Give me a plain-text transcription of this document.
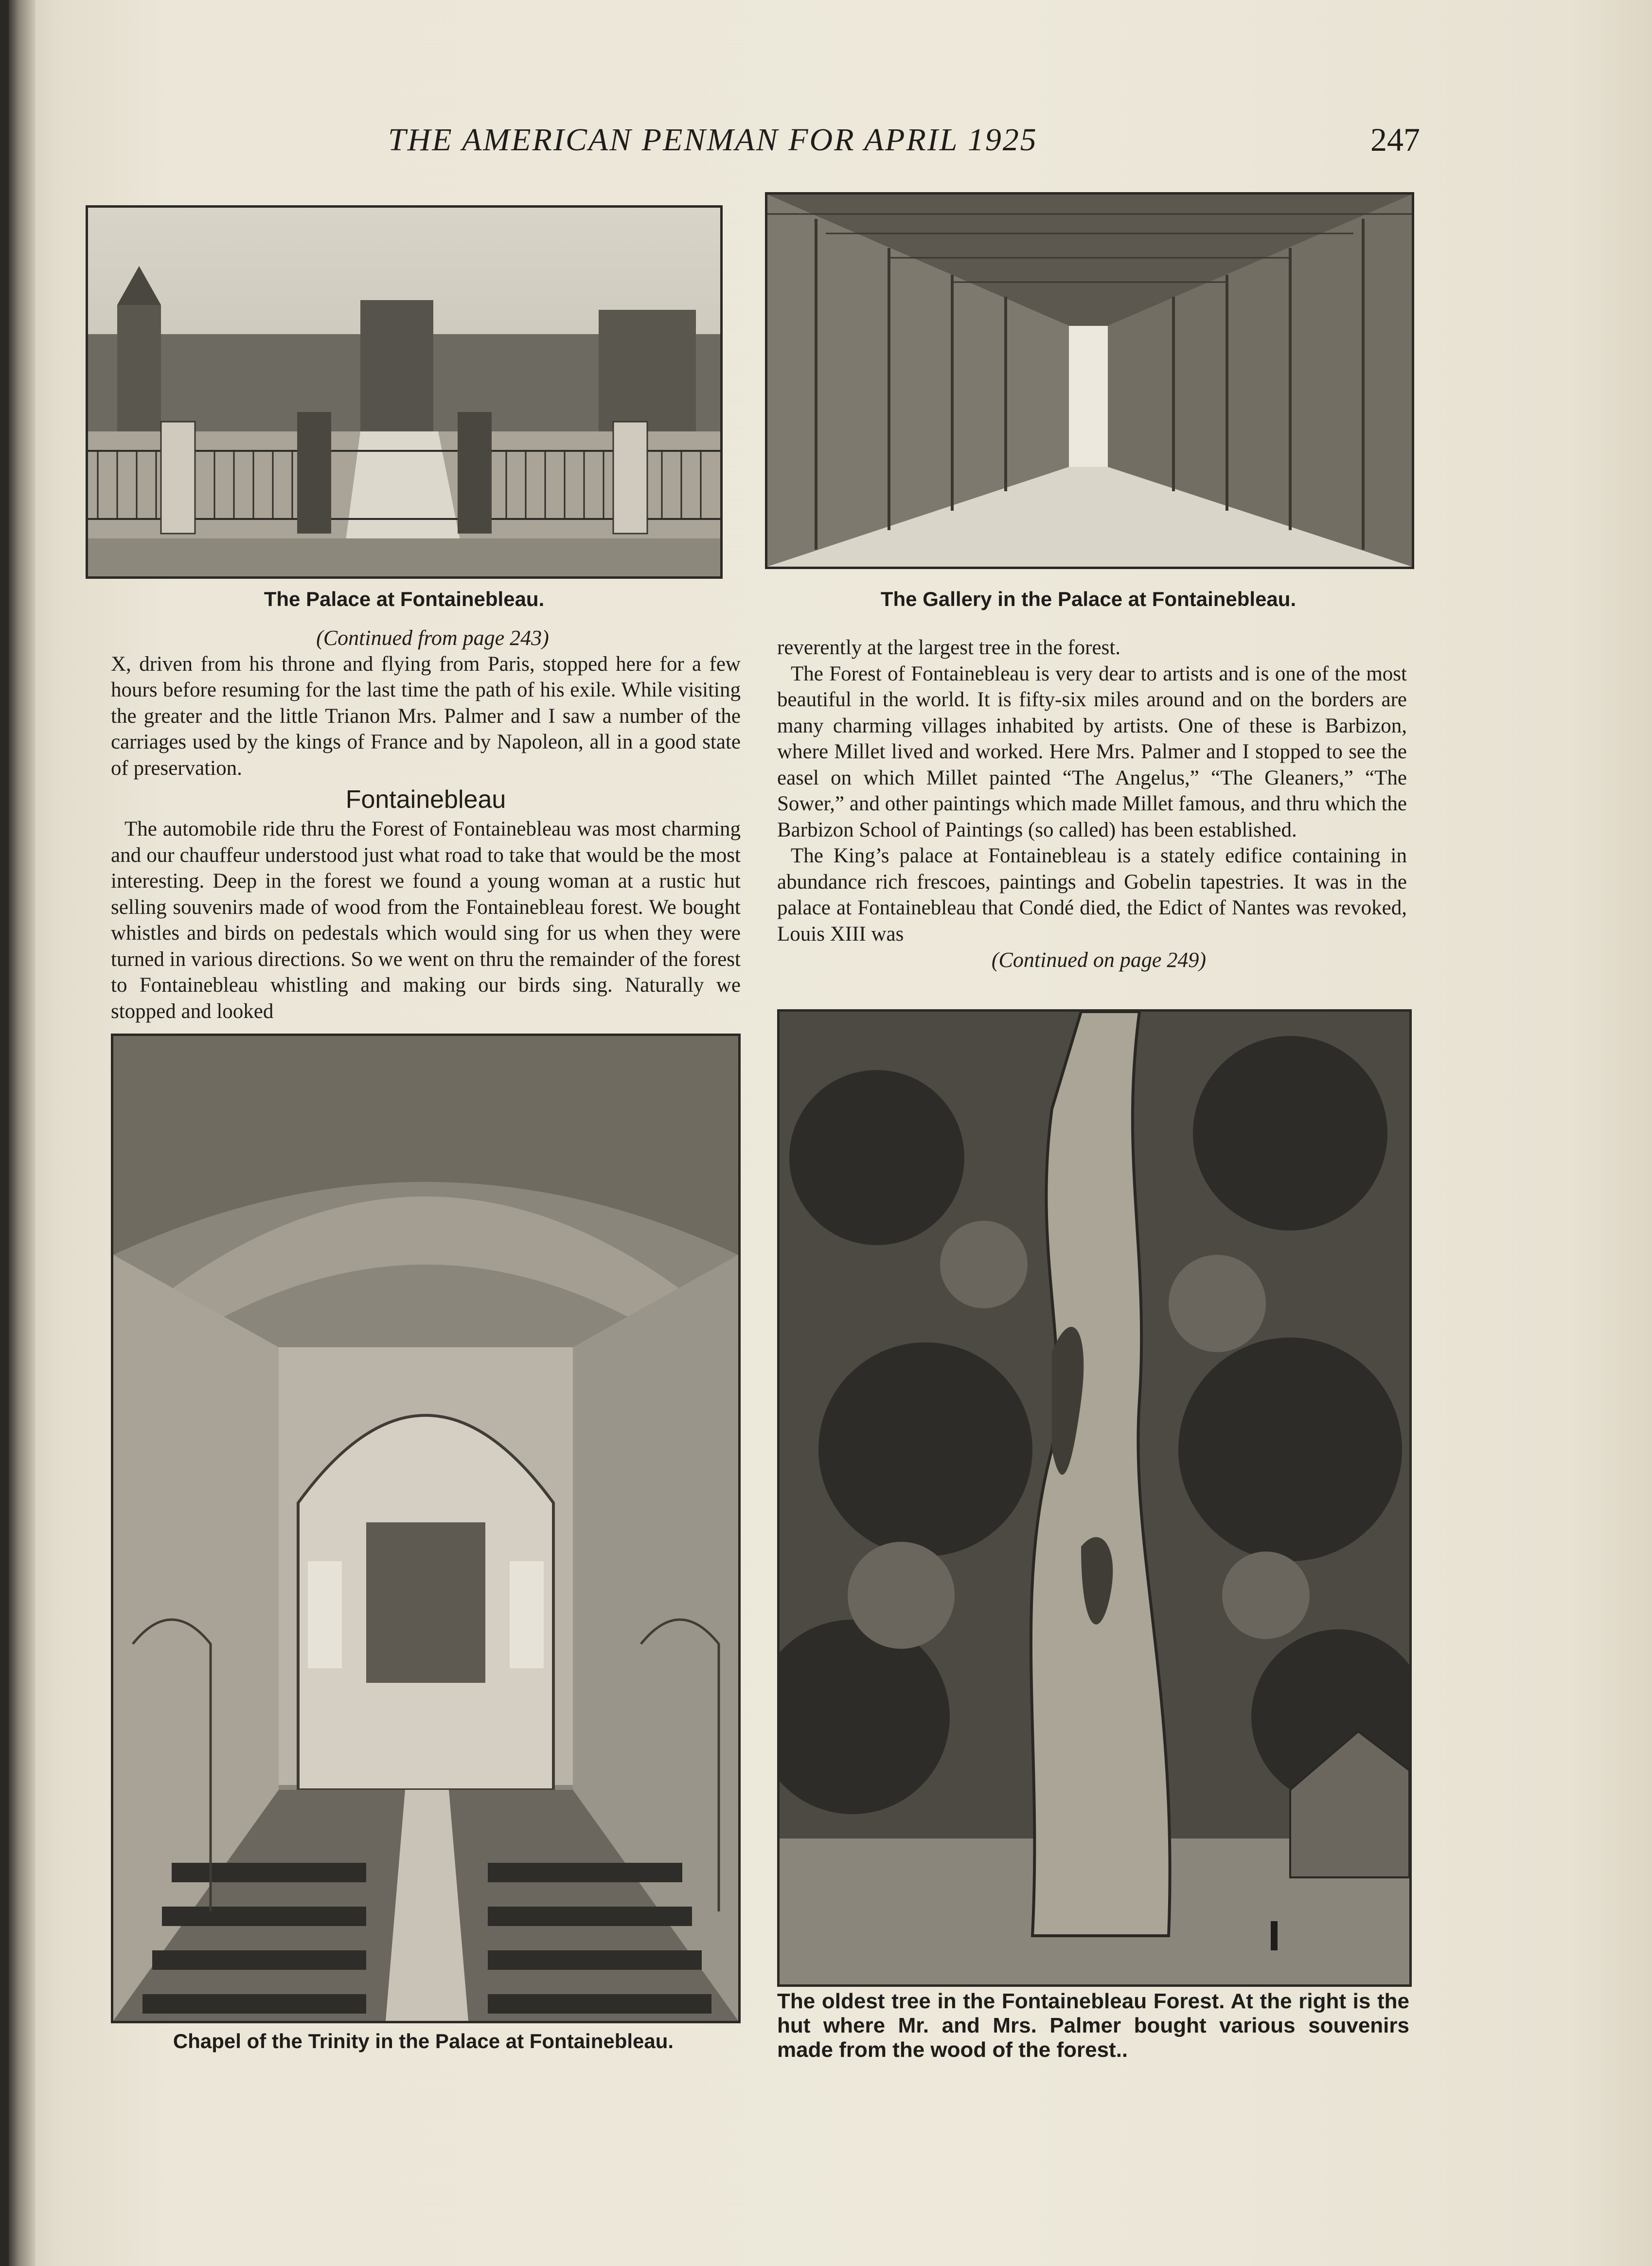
THE AMERICAN PENMAN FOR APRIL 1925	247
The Palace at Fontainebleau.	The Gallery in the Palace at Fontainebleau.

(Continued from page 243)

X, driven from his throne and flying from Paris, stopped here for a few hours before resuming for the last time the path of his exile. While visiting the greater and the little Trianon Mrs. Palmer and I saw a number of the carriages used by the kings of France and by Napoleon, all in a good state of preservation.

Fontainebleau

The automobile ride thru the Forest of Fontainebleau was most charming and our chauffeur understood just what road to take that would be the most interesting. Deep in the forest we found a young woman at a rustic hut selling souvenirs made of wood from the Fontainebleau forest. We bought whistles and birds on pedestals which would sing for us when they were turned in various directions. So we went on thru the remainder of the forest to Fontainebleau whistling and making our birds sing. Naturally we stopped and looked

reverently at the largest tree in the forest.

The Forest of Fontainebleau is very dear to artists and is one of the most beautiful in the world. It is fifty-six miles around and on the borders are many charming villages inhabited by artists. One of these is Barbizon, where Millet lived and worked. Here Mrs. Palmer and I stopped to see the easel on which Millet painted “The Angelus,” “The Gleaners,” “The Sower,” and other paintings which made Millet famous, and thru which the Barbizon School of Paintings (so called) has been established.

The King’s palace at Fontainebleau is a stately edifice containing in abundance rich frescoes, paintings and Gobelin tapestries. It was in the palace at Fontainebleau that Condé died, the Edict of Nantes was revoked, Louis XIII was

(Continued on page 249)

Chapel of the Trinity in the Palace at Fontainebleau.
The oldest tree in the Fontainebleau Forest. At the right is the hut where Mr. and Mrs. Palmer bought various souvenirs made from the wood of the forest..
